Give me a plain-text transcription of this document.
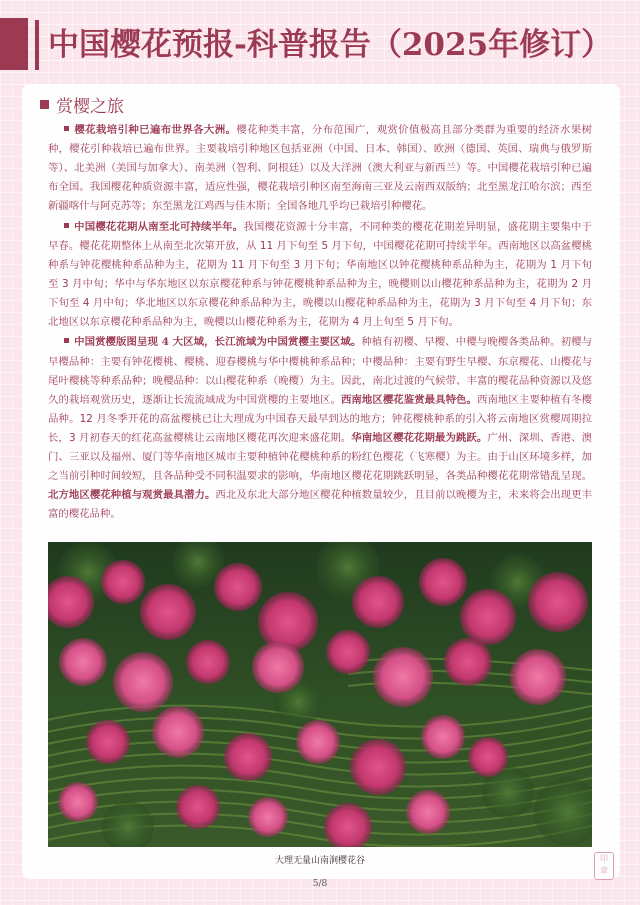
中国樱花预报-科普报告（2025年修订）
赏樱之旅

樱花栽培引种已遍布世界各大洲。樱花种类丰富，分布范围广，观赏价值极高且部分类群为重要的经济水果树种，樱花引种栽培已遍布世界。主要栽培引种地区包括亚洲（中国、日本、韩国）、欧洲（德国、英国、瑞典与俄罗斯等）、北美洲（美国与加拿大）、南美洲（智利、阿根廷）以及大洋洲（澳大利亚与新西兰）等。中国樱花栽培引种已遍布全国。我国樱花种质资源丰富，适应性强，樱花栽培引种区南至海南三亚及云南西双版纳；北至黑龙江哈尔滨；西至新疆喀什与阿克苏等；东至黑龙江鸡西与佳木斯；全国各地几乎均已栽培引种樱花。

中国樱花花期从南至北可持续半年。我国樱花资源十分丰富，不同种类的樱花花期差异明显，盛花期主要集中于早春。樱花花期整体上从南至北次第开放，从 11 月下旬至 5 月下旬，中国樱花花期可持续半年。西南地区以高盆樱桃种系与钟花樱桃种系品种为主，花期为 11 月下旬至 3 月下旬；华南地区以钟花樱桃种系品种为主，花期为 1 月下旬至 3 月中旬；华中与华东地区以东京樱花种系与钟花樱桃种系品种为主，晚樱则以山樱花种系品种为主，花期为 2 月下旬至 4 月中旬；华北地区以东京樱花种系品种为主，晚樱以山樱花种系品种为主，花期为 3 月下旬至 4 月下旬；东北地区以东京樱花种系品种为主，晚樱以山樱花种系为主，花期为 4 月上旬至 5 月下旬。

中国赏樱版图呈现 4 大区域，长江流域为中国赏樱主要区域。种植有初樱、早樱、中樱与晚樱各类品种。初樱与早樱品种：主要有钟花樱桃、樱桃、迎春樱桃与华中樱桃种系品种；中樱品种：主要有野生早樱、东京樱花、山樱花与尾叶樱桃等种系品种；晚樱品种：以山樱花种系（晚樱）为主。因此，南北过渡的气候带、丰富的樱花品种资源以及悠久的栽培观赏历史，逐渐让长流流域成为中国赏樱的主要地区。西南地区樱花鉴赏最具特色。西南地区主要种植有冬樱品种。12 月冬季开花的高盆樱桃已让大理成为中国春天最早到达的地方；钟花樱桃种系的引入将云南地区赏樱周期拉长，3 月初春天的红花高盆樱桃让云南地区樱花再次迎来盛花期。华南地区樱花花期最为跳跃。广州、深圳、香港、澳门、三亚以及福州、厦门等华南地区城市主要种植钟花樱桃种系的粉红色樱花（飞寒樱）为主。由于山区环境多样，加之当前引种时间较短，且各品种受不同积温要求的影响，华南地区樱花花期跳跃明显，各类品种樱花花期常错乱呈现。北方地区樱花种植与观赏最具潜力。西北及东北大部分地区樱花种植数量较少，且目前以晚樱为主，未来将会出现更丰富的樱花品种。

大理无量山南涧樱花谷	印
章
5/8
